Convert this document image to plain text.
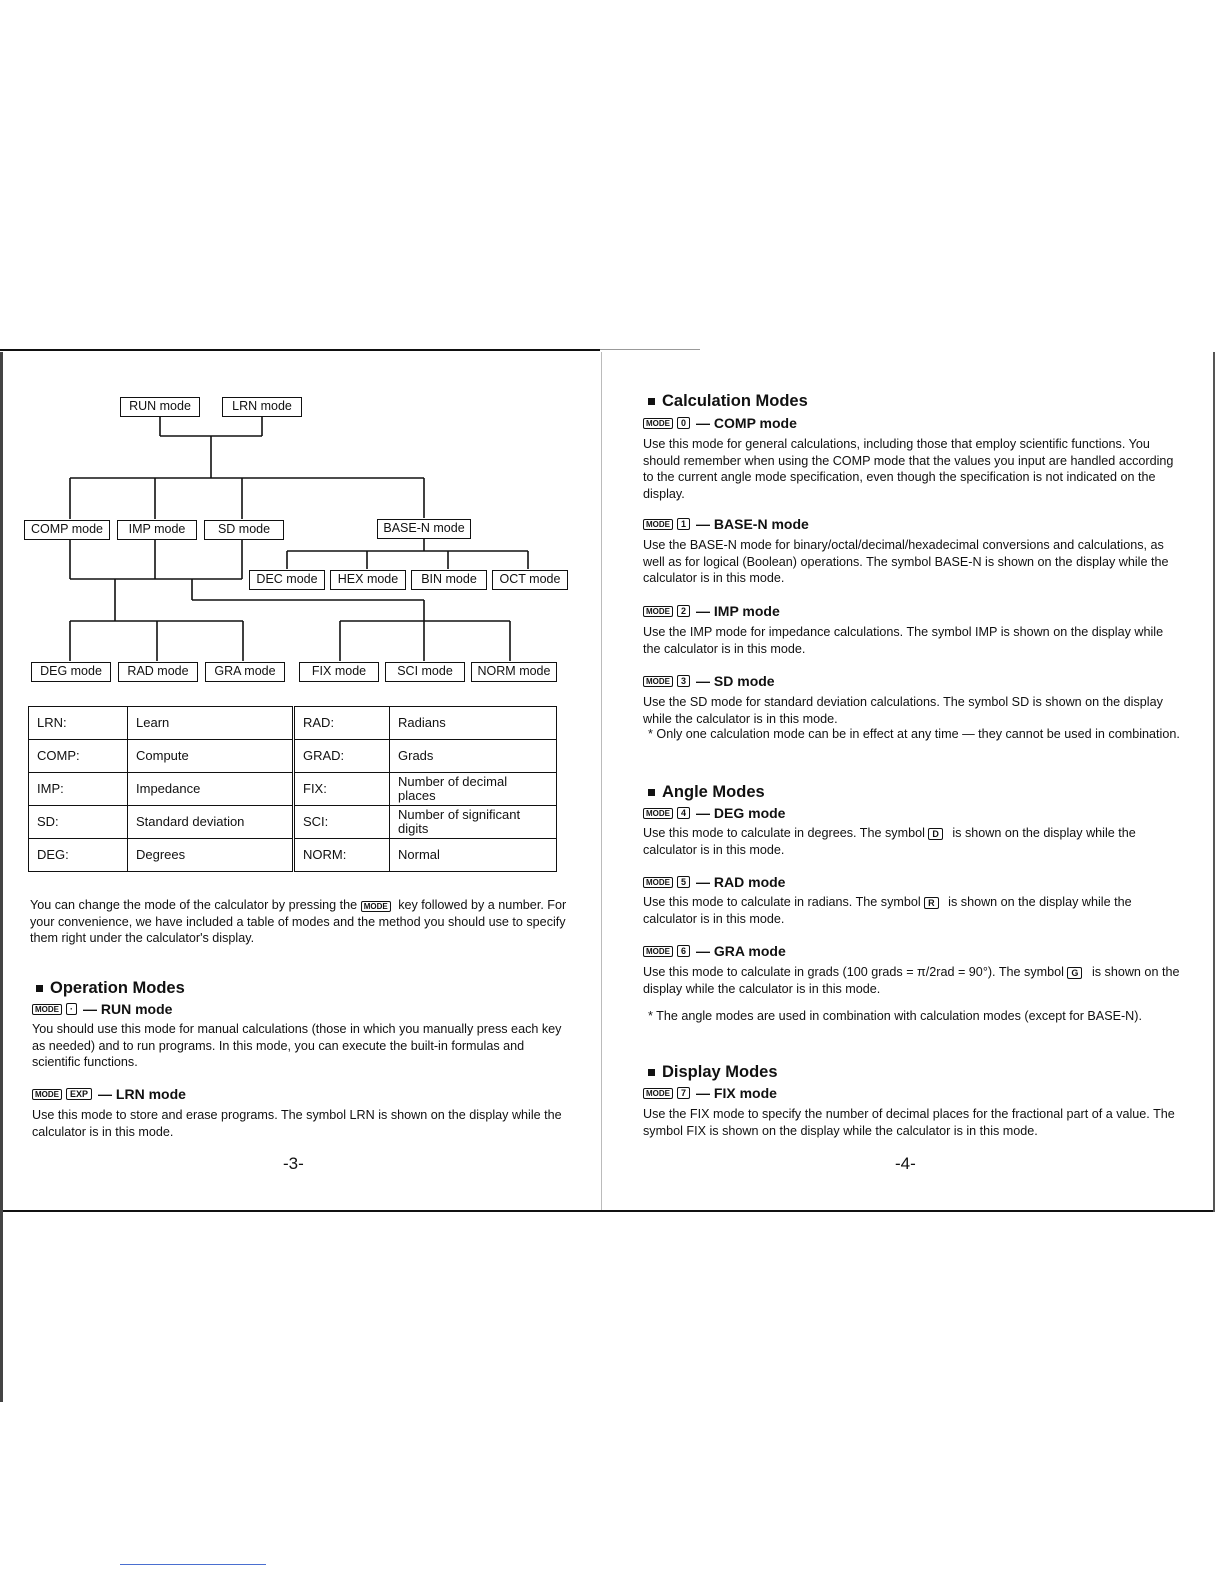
RUN mode	LRN mode
COMP mode	IMP mode	SD mode	BASE-N mode
DEC mode	HEX mode	BIN mode	OCT mode
DEG mode	RAD mode	GRA mode	FIX mode	SCI mode	NORM mode
LRN:	Learn	RAD:	Radians
COMP:	Compute	GRAD:	Grads
IMP:	Impedance	FIX:	Number of decimal places
SD:	Standard deviation	SCI:	Number of significant digits
DEG:	Degrees	NORM:	Normal
You can change the mode of the calculator by pressing the MODE key followed by a number. For your convenience, we have included a table of modes and the method you should use to specify them right under the calculator's display.
Operation Modes
MODE	· — RUN mode
You should use this mode for manual calculations (those in which you manually press each key as needed) and to run programs. In this mode, you can execute the built-in formulas and scientific functions.
MODE	EXP — LRN mode
Use this mode to store and erase programs. The symbol LRN is shown on the display while the calculator is in this mode.
-3-
Calculation Modes
MODE	0 — COMP mode
Use this mode for general calculations, including those that employ scientific functions. You should remember when using the COMP mode that the values you input are handled according to the current angle mode specification, even though the specification is not indicated on the display.
MODE	1 — BASE-N mode
Use the BASE-N mode for binary/octal/decimal/hexadecimal conversions and calculations, as well as for logical (Boolean) operations. The symbol BASE-N is shown on the display while the calculator is in this mode.
MODE	2 — IMP mode
Use the IMP mode for impedance calculations. The symbol IMP is shown on the display while the calculator is in this mode.
MODE	3 — SD mode
Use the SD mode for standard deviation calculations. The symbol SD is shown on the display while the calculator is in this mode.
* Only one calculation mode can be in effect at any time — they cannot be used in combination.
Angle Modes
MODE	4 — DEG mode
Use this mode to calculate in degrees. The symbol D is shown on the display while the calculator is in this mode.
MODE	5 — RAD mode
Use this mode to calculate in radians. The symbol R is shown on the display while the calculator is in this mode.
MODE	6 — GRA mode
Use this mode to calculate in grads (100 grads = π/2rad = 90°). The symbol G is shown on the display while the calculator is in this mode.
* The angle modes are used in combination with calculation modes (except for BASE-N).
Display Modes
MODE	7 — FIX mode
Use the FIX mode to specify the number of decimal places for the fractional part of a value. The symbol FIX is shown on the display while the calculator is in this mode.
-4-
